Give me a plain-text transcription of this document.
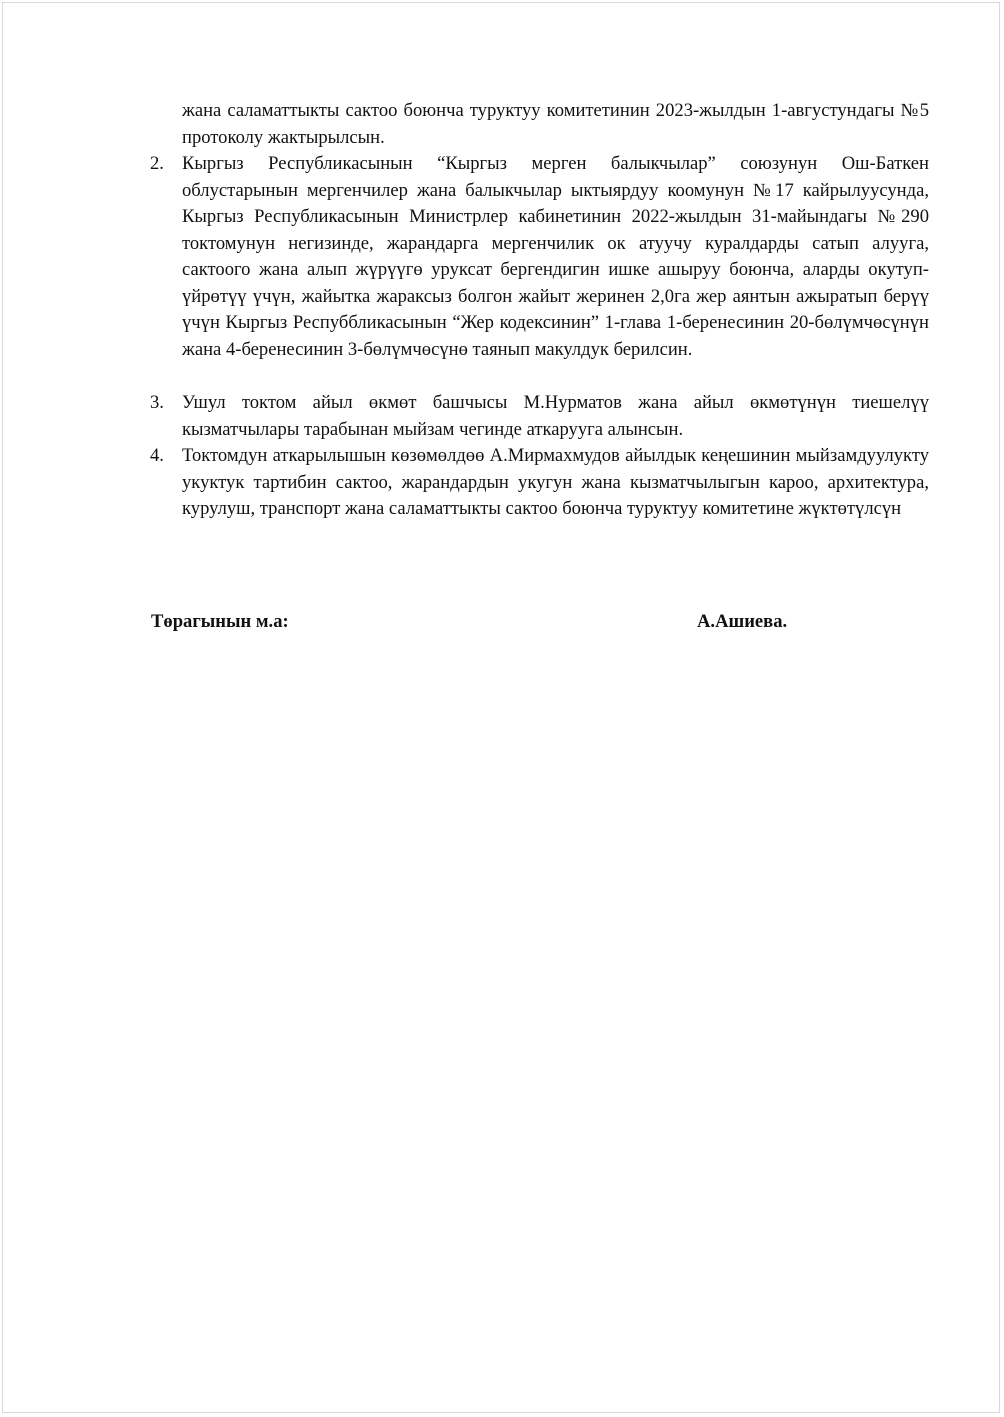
жана саламаттыкты сактоо боюнча туруктуу комитетинин 2023-жылдын 1-августундагы №5 протоколу жактырылсын.

2. Кыргыз Республикасынын “Кыргыз мерген балыкчылар” союзунун Ош-Баткен облустарынын мергенчилер жана балыкчылар ыктыярдуу коомунун №17 кайрылуусунда, Кыргыз Республикасынын Министрлер кабинетинин 2022-жылдын 31-майындагы №290 токтомунун негизинде, жарандарга мергенчилик ок атуучу куралдарды сатып алууга, сактоого жана алып жүрүүгө уруксат бергендигин ишке ашыруу боюнча, аларды окутуп-үйрөтүү үчүн, жайытка жараксыз болгон жайыт жеринен 2,0га жер аянтын ажыратып берүү үчүн Кыргыз Респуббликасынын “Жер кодексинин” 1-глава 1-беренесинин 20-бөлүмчөсүнүн жана 4-беренесинин 3-бөлүмчөсүнө таянып макулдук берилсин.

3. Ушул токтом айыл өкмөт башчысы М.Нурматов жана айыл өкмөтүнүн тиешелүү кызматчылары тарабынан мыйзам чегинде аткарууга алынсын.

4. Токтомдун аткарылышын көзөмөлдөө А.Мирмахмудов айылдык кеңешинин мыйзамдуулукту укуктук тартибин сактоо, жарандардын укугун жана кызматчылыгын кароо, архитектура, курулуш, транспорт жана саламаттыкты сактоо боюнча туруктуу комитетине жүктөтүлсүн

Төрагынын м.а:	А.Ашиева.
